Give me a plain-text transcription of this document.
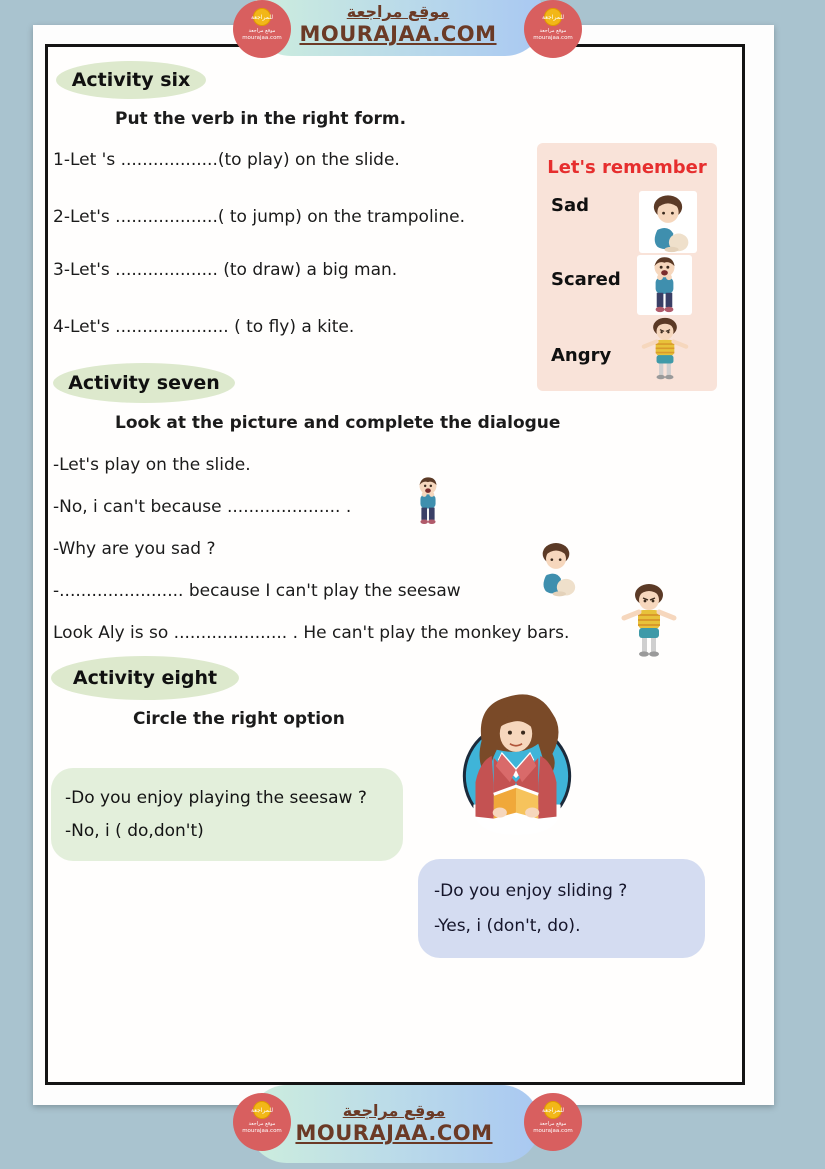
Activity six
Put the verb in the right form.
1-Let 's ..................(to play) on the slide.
2-Let's ...................( to jump) on the trampoline.
3-Let's ................... (to draw) a big man.
4-Let's ..................... ( to fly) a kite.
Let's remember
Sad
Scared
Angry
Activity seven
Look at the picture and complete the dialogue
-Let's play on the slide.
-No, i can't because ..................... .
-Why are you sad ?
-....................... because I can't play the seesaw
Look Aly is so ..................... . He can't play the monkey bars.
Activity eight
Circle the right option
-Do you enjoy playing the seesaw ?
-No, i ( do,don't)
-Do you enjoy sliding ?
-Yes, i (don't, do).
موقع مراجعة
MOURAJAA.COM
للمراجعة
موقع مراجعة
mourajaa.com
للمراجعة
موقع مراجعة
mourajaa.com
موقع مراجعة
MOURAJAA.COM
للمراجعة
موقع مراجعة
mourajaa.com
للمراجعة
موقع مراجعة
mourajaa.com
